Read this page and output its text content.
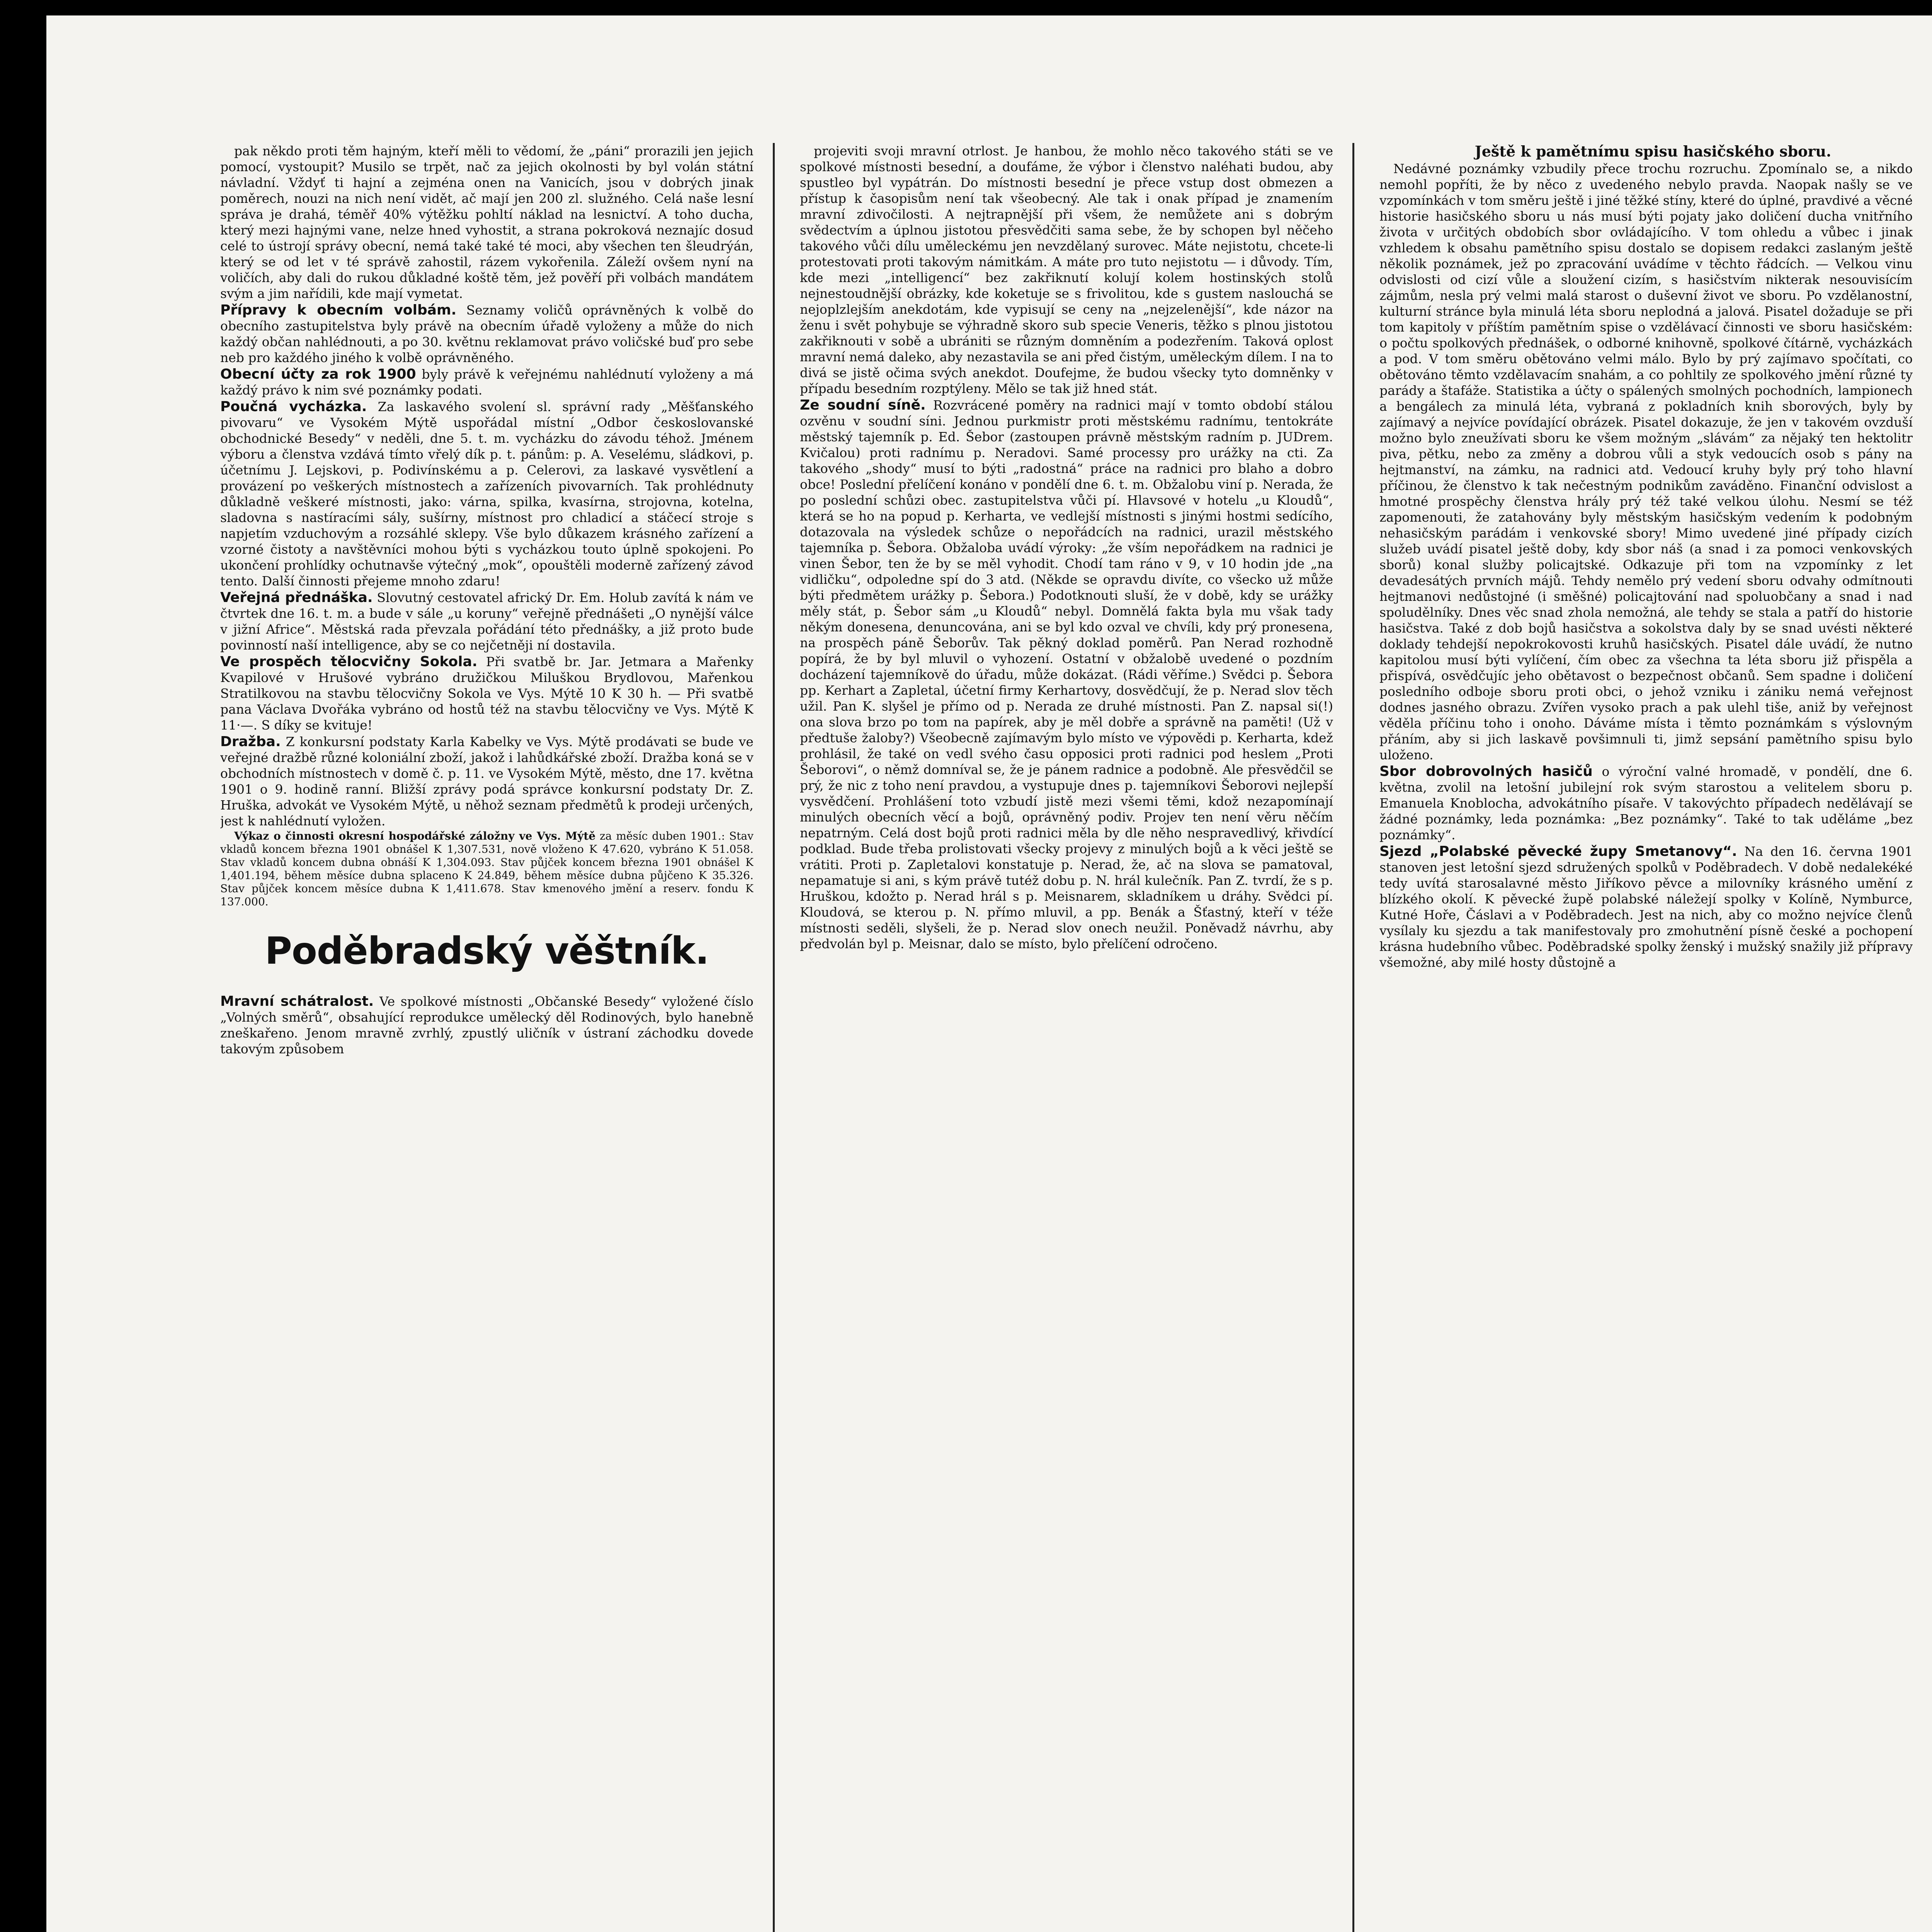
pak někdo proti těm hajným, kteří měli to vědomí, že „páni“ prorazili jen jejich pomocí, vystoupit? Musilo se trpět, nač za jejich okolnosti by byl volán státní návladní. Vždyť ti hajní a zejména onen na Vanicích, jsou v dobrých jinak poměrech, nouzi na nich není vidět, ač mají jen 200 zl. služného. Celá naše lesní správa je drahá, téměř 40% výtěžku pohltí náklad na lesnictví. A toho ducha, který mezi hajnými vane, nelze hned vyhostit, a strana pokroková neznajíc dosud celé to ústrojí správy obecní, nemá také také té moci, aby všechen ten šleudrýán, který se od let v té správě zahostil, rázem vykořenila. Záleží ovšem nyní na voličích, aby dali do rukou důkladné koště těm, jež pověří při volbách mandátem svým a jim nařídili, kde mají vymetat.

Přípravy k obecním volbám. Seznamy voličů oprávněných k volbě do obecního zastupitelstva byly právě na obecním úřadě vyloženy a může do nich každý občan nahlédnouti, a po 30. květnu reklamovat právo voličské buď pro sebe neb pro každého jiného k volbě oprávněného.

Obecní účty za rok 1900 byly právě k veřejnému nahlédnutí vyloženy a má každý právo k nim své poznámky podati.

Poučná vycházka. Za laskavého svolení sl. správní rady „Měšťanského pivovaru“ ve Vysokém Mýtě uspořádal místní „Odbor českoslovanské obchodnické Besedy“ v neděli, dne 5. t. m. vycházku do závodu téhož. Jménem výboru a členstva vzdává tímto vřelý dík p. t. pánům: p. A. Veselému, sládkovi, p. účetnímu J. Lejskovi, p. Podivínskému a p. Celerovi, za laskavé vysvětlení a provázení po veškerých místnostech a zařízeních pivovarních. Tak prohlédnuty důkladně veškeré místnosti, jako: várna, spilka, kvasírna, strojovna, kotelna, sladovna s nastíracími sály, sušírny, místnost pro chladicí a stáčecí stroje s napjetím vzduchovým a rozsáhlé sklepy. Vše bylo důkazem krásného zařízení a vzorné čistoty a navštěvníci mohou býti s vycházkou touto úplně spokojeni. Po ukončení prohlídky ochutnavše výtečný „mok“, opouštěli moderně zařízený závod tento. Další činnosti přejeme mnoho zdaru!

Veřejná přednáška. Slovutný cestovatel africký Dr. Em. Holub zavítá k nám ve čtvrtek dne 16. t. m. a bude v sále „u koruny“ veřejně přednášeti „O nynější válce v jižní Africe“. Městská rada převzala pořádání této přednášky, a již proto bude povinností naší intelligence, aby se co nejčetněji ní dostavila.

Ve prospěch tělocvičny Sokola. Při svatbě br. Jar. Jetmara a Mařenky Kvapilové v Hrušové vybráno družičkou Miluškou Brydlovou, Mařenkou Stratilkovou na stavbu tělocvičny Sokola ve Vys. Mýtě 10 K 30 h. — Při svatbě pana Václava Dvořáka vybráno od hostů též na stavbu tělocvičny ve Vys. Mýtě K 11·—. S díky se kvituje!

Dražba. Z konkursní podstaty Karla Kabelky ve Vys. Mýtě prodávati se bude ve veřejné dražbě různé koloniální zboží, jakož i lahůdkářské zboží. Dražba koná se v obchodních místnostech v domě č. p. 11. ve Vysokém Mýtě, město, dne 17. května 1901 o 9. hodině ranní. Bližší zprávy podá správce konkursní podstaty Dr. Z. Hruška, advokát ve Vysokém Mýtě, u něhož seznam předmětů k prodeji určených, jest k nahlédnutí vyložen.

Výkaz o činnosti okresní hospodářské záložny ve Vys. Mýtě za měsíc duben 1901.: Stav vkladů koncem března 1901 obnášel K 1,307.531, nově vloženo K 47.620, vybráno K 51.058. Stav vkladů koncem dubna obnáší K 1,304.093. Stav půjček koncem března 1901 obnášel K 1,401.194, během měsíce dubna splaceno K 24.849, během měsíce dubna půjčeno K 35.326. Stav půjček koncem měsíce dubna K 1,411.678. Stav kmenového jmění a reserv. fondu K 137.000.

Poděbradský věštník.

Mravní schátralost. Ve spolkové místnosti „Občanské Besedy“ vyložené číslo „Volných směrů“, obsahující reprodukce umělecký děl Rodinových, bylo hanebně zneškařeno. Jenom mravně zvrhlý, zpustlý uličník v ústraní záchodku dovede takovým způsobem

projeviti svoji mravní otrlost. Je hanbou, že mohlo něco takového státi se ve spolkové místnosti besední, a doufáme, že výbor i členstvo naléhati budou, aby spustleo byl vypátrán. Do místnosti besední je přece vstup dost obmezen a přístup k časopisům není tak všeobecný. Ale tak i onak případ je znamením mravní zdivočilosti. A nejtrapnější při všem, že nemůžete ani s dobrým svědectvím a úplnou jistotou přesvědčiti sama sebe, že by schopen byl něčeho takového vůči dílu uměleckému jen nevzdělaný surovec. Máte nejistotu, chcete-li protestovati proti takovým námitkám. A máte pro tuto nejistotu — i důvody. Tím, kde mezi „intelligencí“ bez zakřiknutí kolují kolem hostinských stolů nejnestoudnější obrázky, kde koketuje se s frivolitou, kde s gustem naslouchá se nejoplzlejším anekdotám, kde vypisují se ceny na „nejzelenější“, kde názor na ženu i svět pohybuje se výhradně skoro sub specie Veneris, těžko s plnou jistotou zakřiknouti v sobě a ubrániti se různým domněním a podezřením. Taková oplost mravní nemá daleko, aby nezastavila se ani před čistým, uměleckým dílem. I na to divá se jistě očima svých anekdot. Doufejme, že budou všecky tyto domněnky v případu besedním rozptýleny. Mělo se tak již hned stát.

Ze soudní síně. Rozvrácené poměry na radnici mají v tomto období stálou ozvěnu v soudní síni. Jednou purkmistr proti městskému radnímu, tentokráte městský tajemník p. Ed. Šebor (zastoupen právně městským radním p. JUDrem. Kvičalou) proti radnímu p. Neradovi. Samé processy pro urážky na cti. Za takového „shody“ musí to býti „radostná“ práce na radnici pro blaho a dobro obce! Poslední přelíčení konáno v pondělí dne 6. t. m. Obžalobu viní p. Nerada, že po poslední schůzi obec. zastupitelstva vůči pí. Hlavsové v hotelu „u Kloudů“, která se ho na popud p. Kerharta, ve vedlejší místnosti s jinými hostmi sedícího, dotazovala na výsledek schůze o nepořádcích na radnici, urazil městského tajemníka p. Šebora. Obžaloba uvádí výroky: „že vším nepořádkem na radnici je vinen Šebor, ten že by se měl vyhodit. Chodí tam ráno v 9, v 10 hodin jde „na vidličku“, odpoledne spí do 3 atd. (Někde se opravdu divíte, co všecko už může býti předmětem urážky p. Šebora.) Podotknouti sluší, že v době, kdy se urážky měly stát, p. Šebor sám „u Kloudů“ nebyl. Domnělá fakta byla mu však tady někým donesena, denuncována, ani se byl kdo ozval ve chvíli, kdy prý pronesena, na prospěch páně Šeborův. Tak pěkný doklad poměrů. Pan Nerad rozhodně popírá, že by byl mluvil o vyhození. Ostatní v obžalobě uvedené o pozdním docházení tajemníkově do úřadu, může dokázat. (Rádi věříme.) Svědci p. Šebora pp. Kerhart a Zapletal, účetní firmy Kerhartovy, dosvědčují, že p. Nerad slov těch užil. Pan K. slyšel je přímo od p. Nerada ze druhé místnosti. Pan Z. napsal si(!) ona slova brzo po tom na papírek, aby je měl dobře a správně na paměti! (Už v předtuše žaloby?) Všeobecně zajímavým bylo místo ve výpovědi p. Kerharta, kdež prohlásil, že také on vedl svého času opposici proti radnici pod heslem „Proti Šeborovi“, o němž domníval se, že je pánem radnice a podobně. Ale přesvědčil se prý, že nic z toho není pravdou, a vystupuje dnes p. tajemníkovi Šeborovi nejlepší vysvědčení. Prohlášení toto vzbudí jistě mezi všemi těmi, kdož nezapomínají minulých obecních věcí a bojů, oprávněný podiv. Projev ten není věru něčím nepatrným. Celá dost bojů proti radnici měla by dle něho nespravedlivý, křivdící podklad. Bude třeba prolistovati všecky projevy z minulých bojů a k věci ještě se vrátiti. Proti p. Zapletalovi konstatuje p. Nerad, že, ač na slova se pamatoval, nepamatuje si ani, s kým právě tutéž dobu p. N. hrál kulečník. Pan Z. tvrdí, že s p. Hruškou, kdožto p. Nerad hrál s p. Meisnarem, skladníkem u dráhy. Svědci pí. Kloudová, se kterou p. N. přímo mluvil, a pp. Benák a Šťastný, kteří v téže místnosti seděli, slyšeli, že p. Nerad slov onech neužil. Poněvadž návrhu, aby předvolán byl p. Meisnar, dalo se místo, bylo přelíčení odročeno.

Ještě k pamětnímu spisu hasičského sboru.

Nedávné poznámky vzbudily přece trochu rozruchu. Zpomínalo se, a nikdo nemohl popříti, že by něco z uvedeného nebylo pravda. Naopak našly se ve vzpomínkách v tom směru ještě i jiné těžké stíny, které do úplné, pravdivé a věcné historie hasičského sboru u nás musí býti pojaty jako doličení ducha vnitřního života v určitých obdobích sbor ovládajícího. V tom ohledu a vůbec i jinak vzhledem k obsahu pamětního spisu dostalo se dopisem redakci zaslaným ještě několik poznámek, jež po zpracování uvádíme v těchto řádcích. — Velkou vinu odvislosti od cizí vůle a sloužení cizím, s hasičstvím nikterak nesouvisícím zájmům, nesla prý velmi malá starost o duševní život ve sboru. Po vzdělanostní, kulturní stránce byla minulá léta sboru neplodná a jalová. Pisatel dožaduje se při tom kapitoly v příštím pamětním spise o vzdělávací činnosti ve sboru hasičském: o počtu spolkových přednášek, o odborné knihovně, spolkové čítárně, vycházkách a pod. V tom směru obětováno velmi málo. Bylo by prý zajímavo spočítati, co obětováno těmto vzdělavacím snahám, a co pohltily ze spolkového jmění různé ty parády a štafáže. Statistika a účty o spálených smolných pochodních, lampionech a bengálech za minulá léta, vybraná z pokladních knih sborových, byly by zajímavý a nejvíce povídající obrázek. Pisatel dokazuje, že jen v takovém ovzduší možno bylo zneužívati sboru ke všem možným „slávám“ za nějaký ten hektolitr piva, pětku, nebo za změny a dobrou vůli a styk vedoucích osob s pány na hejtmanství, na zámku, na radnici atd. Vedoucí kruhy byly prý toho hlavní příčinou, že členstvo k tak nečestným podnikům zaváděno. Finanční odvislost a hmotné prospěchy členstva hrály prý též také velkou úlohu. Nesmí se též zapomenouti, že zatahovány byly městským hasičským vedením k podobným nehasičským parádám i venkovské sbory! Mimo uvedené jiné případy cizích služeb uvádí pisatel ještě doby, kdy sbor náš (a snad i za pomoci venkovských sborů) konal služby policajtské. Odkazuje při tom na vzpomínky z let devadesátých prvních májů. Tehdy nemělo prý vedení sboru odvahy odmítnouti hejtmanovi nedůstojné (i směšné) policajtování nad spoluobčany a snad i nad spoludělníky. Dnes věc snad zhola nemožná, ale tehdy se stala a patří do historie hasičstva. Také z dob bojů hasičstva a sokolstva daly by se snad uvésti některé doklady tehdejší nepokrokovosti kruhů hasičských. Pisatel dále uvádí, že nutno kapitolou musí býti vylíčení, čím obec za všechna ta léta sboru již přispěla a přispívá, osvědčujíc jeho obětavost o bezpečnost občanů. Sem spadne i doličení posledního odboje sboru proti obci, o jehož vzniku i zániku nemá veřejnost dodnes jasného obrazu. Zvířen vysoko prach a pak ulehl tiše, aniž by veřejnost věděla příčinu toho i onoho. Dáváme místa i těmto poznámkám s výslovným přáním, aby si jich laskavě povšimnuli ti, jimž sepsání pamětního spisu bylo uloženo.

Sbor dobrovolných hasičů o výroční valné hromadě, v pondělí, dne 6. května, zvolil na letošní jubilejní rok svým starostou a velitelem sboru p. Emanuela Knoblocha, advokátního písaře. V takovýchto případech nedělávají se žádné poznámky, leda poznámka: „Bez poznámky“. Také to tak uděláme „bez poznámky“.

Sjezd „Polabské pěvecké župy Smetanovy“. Na den 16. června 1901 stanoven jest letošní sjezd sdružených spolků v Poděbradech. V době nedalekéké tedy uvítá starosalavné město Jiříkovo pěvce a milovníky krásného umění z blízkého okolí. K pěvecké župě polabské náležejí spolky v Kolíně, Nymburce, Kutné Hoře, Čáslavi a v Poděbradech. Jest na nich, aby co možno nejvíce členů vysílaly ku sjezdu a tak manifestovaly pro zmohutnění písně české a pochopení krásna hudebního vůbec. Poděbradské spolky ženský i mužský snažily již přípravy všemožné, aby milé hosty důstojně a
